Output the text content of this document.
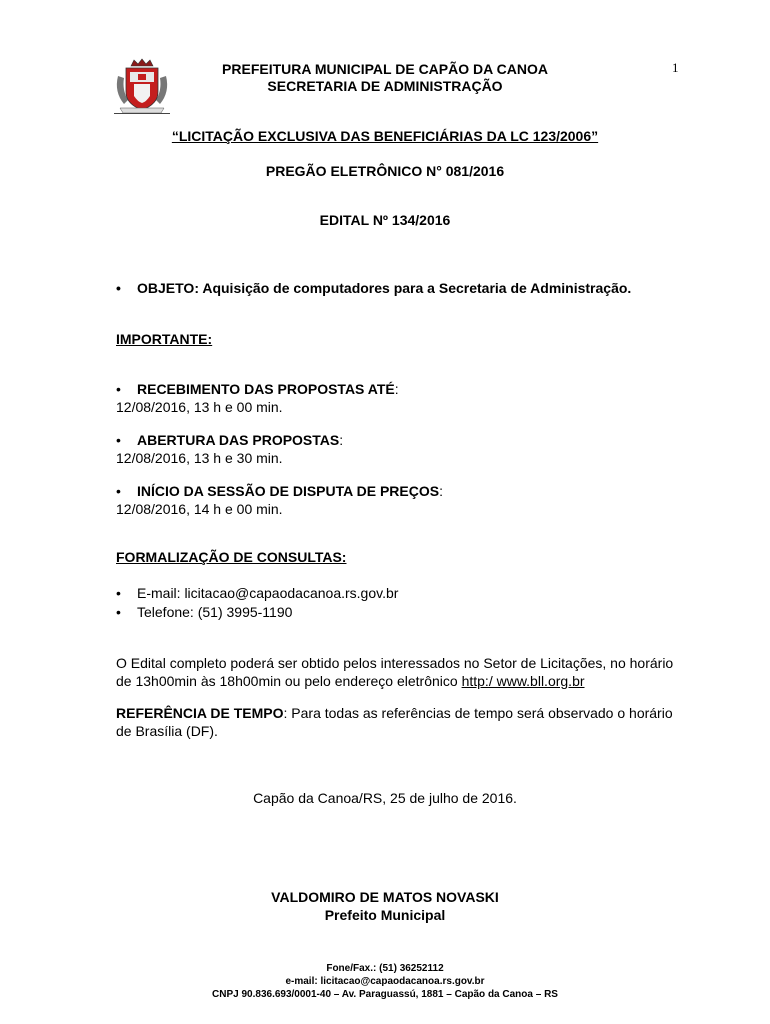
PREFEITURA MUNICIPAL DE CAPÃO DA CANOA
SECRETARIA DE ADMINISTRAÇÃO
1
“LICITAÇÃO EXCLUSIVA DAS BENEFICIÁRIAS DA LC 123/2006”
PREGÃO ELETRÔNICO N° 081/2016
EDITAL Nº 134/2016
•	OBJETO: Aquisição de computadores para a Secretaria de Administração.
IMPORTANTE:
•	RECEBIMENTO DAS PROPOSTAS ATÉ:
12/08/2016, 13 h e 00 min.
•	ABERTURA DAS PROPOSTAS:
12/08/2016, 13 h e 30 min.
•	INÍCIO DA SESSÃO DE DISPUTA DE PREÇOS:
12/08/2016, 14 h e 00 min.
FORMALIZAÇÃO DE CONSULTAS:
•	E-mail: licitacao@capaodacanoa.rs.gov.br
•	Telefone: (51) 3995-1190
O Edital completo poderá ser obtido pelos interessados no Setor de Licitações, no horário
de 13h00min às 18h00min ou pelo endereço eletrônico http:/ www.bll.org.br
REFERÊNCIA DE TEMPO: Para todas as referências de tempo será observado o horário
de Brasília (DF).
Capão da Canoa/RS, 25 de julho de 2016.
VALDOMIRO DE MATOS NOVASKI
Prefeito Municipal
Fone/Fax.: (51) 36252112
e-mail: licitacao@capaodacanoa.rs.gov.br
CNPJ 90.836.693/0001-40 – Av. Paraguassú, 1881 – Capão da Canoa – RS
